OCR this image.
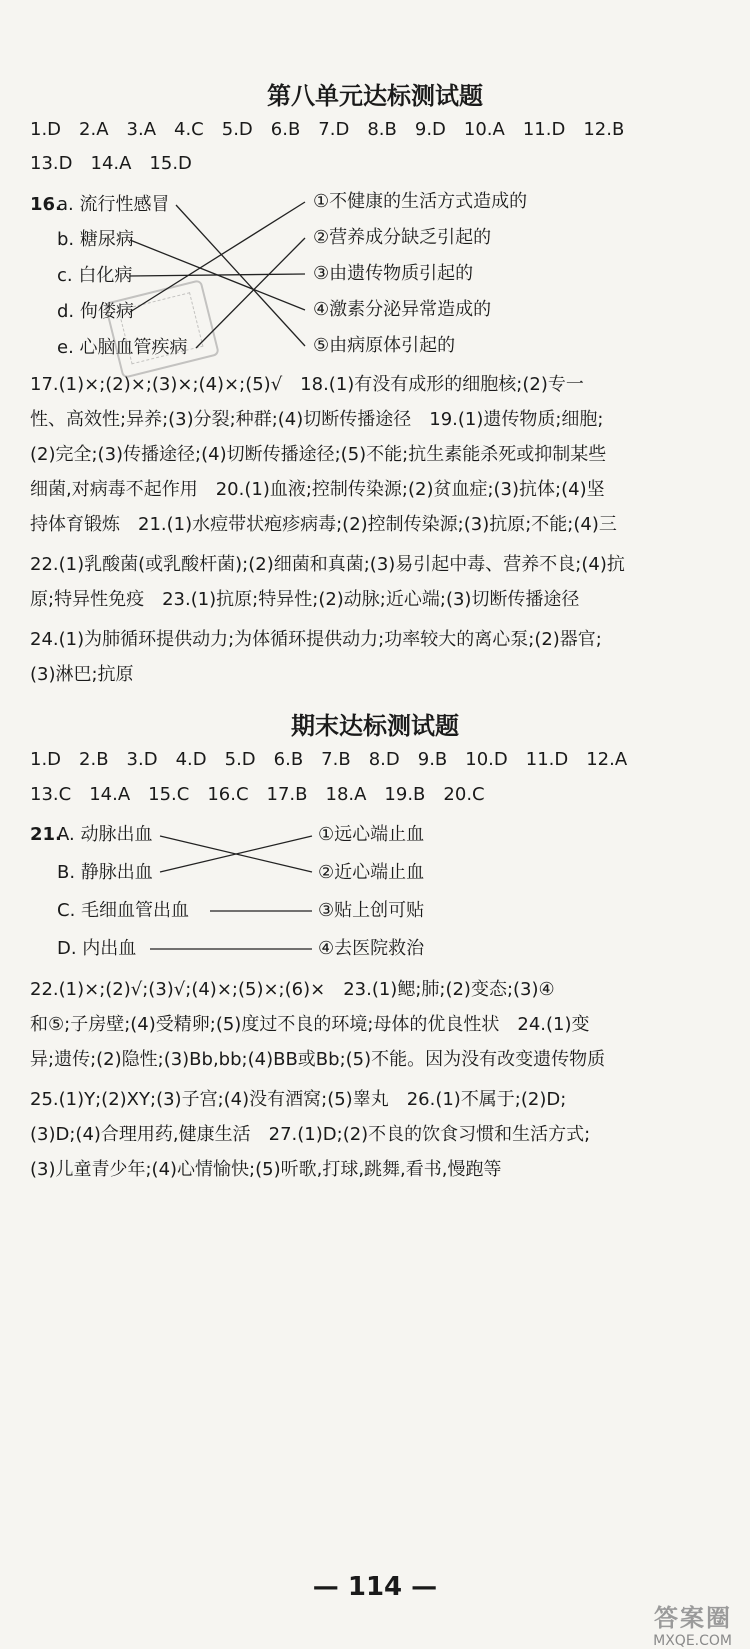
第八单元达标测试题
1.D　2.A　3.A　4.C　5.D　6.B　7.D　8.B　9.D　10.A　11.D　12.B
13.D　14.A　15.D
16.
a. 流行性感冒
b. 糖尿病
c. 白化病
d. 佝偻病
e. 心脑血管疾病
①不健康的生活方式造成的
②营养成分缺乏引起的
③由遗传物质引起的
④激素分泌异常造成的
⑤由病原体引起的
17.(1)×;(2)×;(3)×;(4)×;(5)√　18.(1)有没有成形的细胞核;(2)专一
性、高效性;异养;(3)分裂;种群;(4)切断传播途径　19.(1)遗传物质;细胞;
(2)完全;(3)传播途径;(4)切断传播途径;(5)不能;抗生素能杀死或抑制某些
细菌,对病毒不起作用　20.(1)血液;控制传染源;(2)贫血症;(3)抗体;(4)坚
持体育锻炼　21.(1)水痘带状疱疹病毒;(2)控制传染源;(3)抗原;不能;(4)三
22.(1)乳酸菌(或乳酸杆菌);(2)细菌和真菌;(3)易引起中毒、营养不良;(4)抗
原;特异性免疫　23.(1)抗原;特异性;(2)动脉;近心端;(3)切断传播途径
24.(1)为肺循环提供动力;为体循环提供动力;功率较大的离心泵;(2)器官;
(3)淋巴;抗原
期末达标测试题
1.D　2.B　3.D　4.D　5.D　6.B　7.B　8.D　9.B　10.D　11.D　12.A
13.C　14.A　15.C　16.C　17.B　18.A　19.B　20.C
21.
A. 动脉出血
B. 静脉出血
C. 毛细血管出血
D. 内出血
①远心端止血
②近心端止血
③贴上创可贴
④去医院救治
22.(1)×;(2)√;(3)√;(4)×;(5)×;(6)×　23.(1)鳃;肺;(2)变态;(3)④
和⑤;子房壁;(4)受精卵;(5)度过不良的环境;母体的优良性状　24.(1)变
异;遗传;(2)隐性;(3)Bb,bb;(4)BB或Bb;(5)不能。因为没有改变遗传物质
25.(1)Y;(2)XY;(3)子宫;(4)没有酒窝;(5)睾丸　26.(1)不属于;(2)D;
(3)D;(4)合理用药,健康生活　27.(1)D;(2)不良的饮食习惯和生活方式;
(3)儿童青少年;(4)心情愉快;(5)听歌,打球,跳舞,看书,慢跑等
— 114 —
答案圈
MXQE.COM
